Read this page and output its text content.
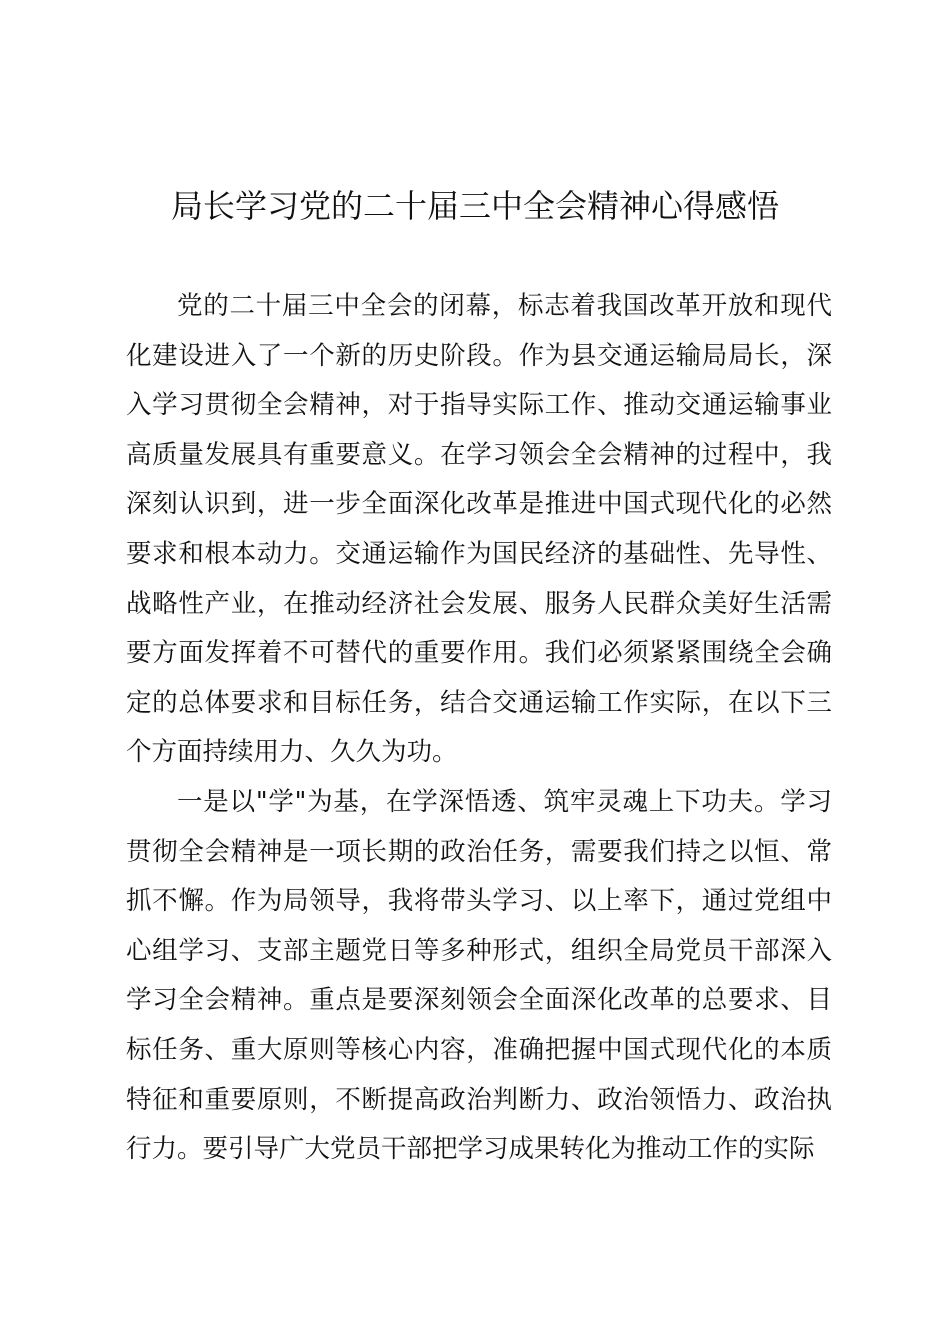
局长学习党的二十届三中全会精神心得感悟

党的二十届三中全会的闭幕，标志着我国改革开放和现代化建设进入了一个新的历史阶段。作为县交通运输局局长，深入学习贯彻全会精神，对于指导实际工作、推动交通运输事业高质量发展具有重要意义。在学习领会全会精神的过程中，我深刻认识到，进一步全面深化改革是推进中国式现代化的必然要求和根本动力。交通运输作为国民经济的基础性、先导性、战略性产业，在推动经济社会发展、服务人民群众美好生活需要方面发挥着不可替代的重要作用。我们必须紧紧围绕全会确定的总体要求和目标任务，结合交通运输工作实际，在以下三个方面持续用力、久久为功。

一是以"学"为基，在学深悟透、筑牢灵魂上下功夫。学习贯彻全会精神是一项长期的政治任务，需要我们持之以恒、常抓不懈。作为局领导，我将带头学习、以上率下，通过党组中心组学习、支部主题党日等多种形式，组织全局党员干部深入学习全会精神。重点是要深刻领会全面深化改革的总要求、目标任务、重大原则等核心内容，准确把握中国式现代化的本质特征和重要原则，不断提高政治判断力、政治领悟力、政治执行力。要引导广大党员干部把学习成果转化为推动工作的实际
